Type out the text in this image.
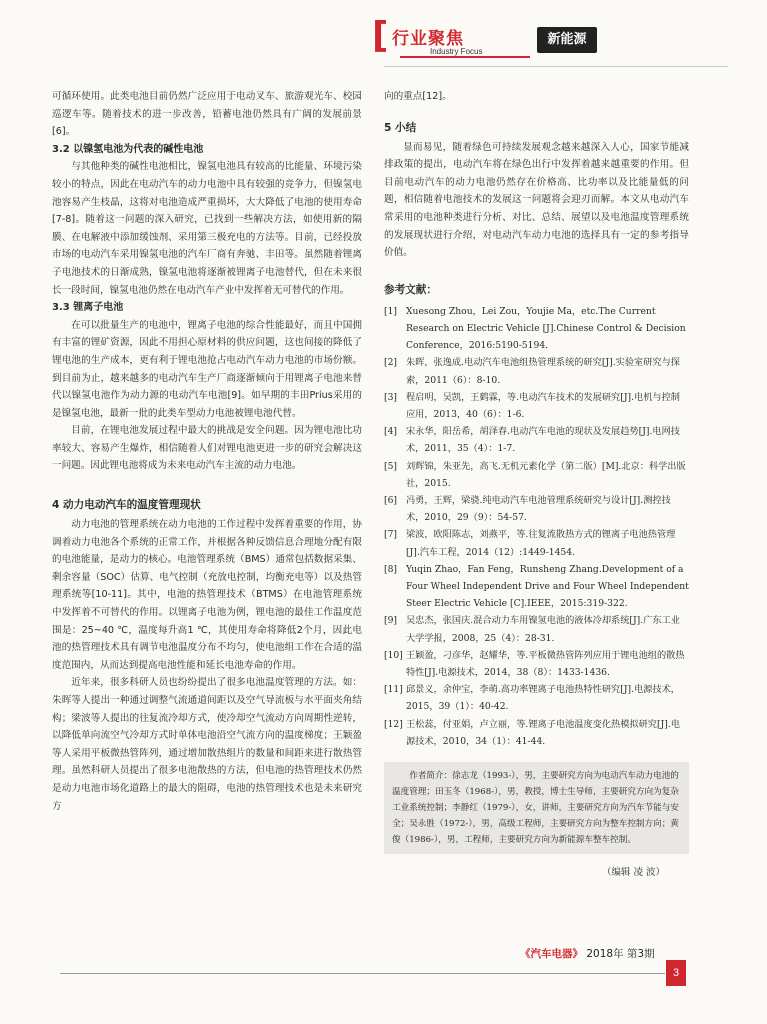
[ 行业聚焦
Industry Focus
新能源

可循环使用。此类电池目前仍然广泛应用于电动叉车、旅游观光车、校园巡逻车等。随着技术的进一步改善，铅蓄电池仍然具有广阔的发展前景[6]。

3.2 以镍氢电池为代表的碱性电池

与其他种类的碱性电池相比，镍氢电池具有较高的比能量、环境污染较小的特点，因此在电动汽车的动力电池中具有较强的竞争力，但镍氢电池容易产生枝晶，这将对电池造成严重损坏，大大降低了电池的使用寿命[7-8]。随着这一问题的深入研究，已找到一些解决方法，如使用新的隔膜、在电解液中添加缓蚀剂、采用第三极充电的方法等。目前，已经投放市场的电动汽车采用镍氢电池的汽车厂商有奔驰、丰田等。虽然随着锂离子电池技术的日渐成熟，镍氢电池将逐渐被锂离子电池替代，但在未来很长一段时间，镍氢电池仍然在电动汽车产业中发挥着无可替代的作用。

3.3 锂离子电池

在可以批量生产的电池中，锂离子电池的综合性能最好，而且中国拥有丰富的锂矿资源，因此不用担心原材料的供应问题，这也间接的降低了锂电池的生产成本，更有利于锂电池抢占电动汽车动力电池的市场份额。到目前为止，越来越多的电动汽车生产厂商逐渐倾向于用锂离子电池来替代以镍氢电池作为动力源的电动汽车电池[9]。如早期的丰田Prius采用的是镍氢电池，最新一批的此类车型动力电池被锂电池代替。

目前，在锂电池发展过程中最大的挑战是安全问题。因为锂电池比功率较大、容易产生爆炸，相信随着人们对锂电池更进一步的研究会解决这一问题。因此锂电池将成为未来电动汽车主流的动力电池。

4 动力电动汽车的温度管理现状

动力电池的管理系统在动力电池的工作过程中发挥着重要的作用，协调着动力电池各个系统的正常工作，并根据各种反馈信息合理地分配有限的电池能量，是动力的核心。电池管理系统（BMS）通常包括数据采集、剩余容量（SOC）估算、电气控制（充放电控制，均衡充电等）以及热管理系统等[10-11]。其中，电池的热管理技术（BTMS）在电池管理系统中发挥着不可替代的作用。以锂离子电池为例，锂电池的最佳工作温度范围是：25~40 ℃，温度每升高1 ℃，其使用寿命将降低2个月，因此电池的热管理技术具有调节电池温度分布不均匀，使电池组工作在合适的温度范围内，从而达到提高电池性能和延长电池寿命的作用。

近年来，很多科研人员也纷纷提出了很多电池温度管理的方法。如：朱晖等人提出一种通过调整气流通道间距以及空气导流板与水平面夹角结构；梁波等人提出的往复流冷却方式，使冷却空气流动方向周期性逆转，以降低单向流空气冷却方式时单体电池沿空气流方向的温度梯度；王颖盈等人采用平板微热管阵列，通过增加散热组片的数量和间距来进行散热管理。虽然科研人员提出了很多电池散热的方法，但电池的热管理技术仍然是动力电池市场化道路上的最大的阻碍，电池的热管理技术也是未来研究方

向的重点[12]。

5 小结

显而易见，随着绿色可持续发展观念越来越深入人心，国家节能减排政策的提出，电动汽车将在绿色出行中发挥着越来越重要的作用。但目前电动汽车的动力电池仍然存在价格高、比功率以及比能量低的问题，相信随着电池技术的发展这一问题将会迎刃而解。本文从电动汽车常采用的电池种类进行分析、对比、总结、展望以及电池温度管理系统的发展现状进行介绍，对电动汽车动力电池的选择具有一定的参考指导价值。

参考文献：
[1] Xuesong Zhou，Lei Zou，Youjie Ma，etc.The Current Research on Electric Vehicle [J].Chinese Control & Decision Conference，2016:5190-5194.
[2] 朱晖，张逸成.电动汽车电池组热管理系统的研究[J].实验室研究与探索，2011（6）：8-10.
[3] 程启明，吴凯，王鹤霖，等.电动汽车技术的发展研究[J].电机与控制应用，2013，40（6）：1-6.
[4] 宋永华，阳岳希，胡泽春.电动汽车电池的现状及发展趋势[J].电网技术，2011，35（4）：1-7.
[5] 刘辉锦，朱亚先，高飞.无机元素化学（第二版）[M].北京：科学出版社，2015.
[6] 冯勇，王辉，梁骁.纯电动汽车电池管理系统研究与设计[J].测控技术，2010，29（9）：54-57.
[7] 梁波，欧阳陈志，刘燕平，等.往复流散热方式的锂离子电池热管理[J].汽车工程，2014（12）:1449-1454.
[8] Yuqin Zhao，Fan Feng，Runsheng Zhang.Development of a Four Wheel Independent Drive and Four Wheel Independent Steer Electric Vehicle [C].IEEE，2015:319-322.
[9] 吴忠杰，张国庆.混合动力车用镍氢电池的液体冷却系统[J].广东工业大学学报，2008，25（4）：28-31.
[10] 王颖盈，刁彦华，赵耀华，等.平板微热管阵列应用于锂电池组的散热特性[J].电源技术，2014，38（8）：1433-1436.
[11] 邱景义，余仲宝，李萌.高功率锂离子电池热特性研究[J].电源技术，2015，39（1）：40-42.
[12] 王松蕊，付亚娟，卢立丽，等.锂离子电池温度变化热模拟研究[J].电源技术，2010，34（1）：41-44.
作者简介：徐志龙（1993-），男，主要研究方向为电动汽车动力电池的温度管理；田玉冬（1968-），男，教授，博士生导师，主要研究方向为复杂工业系统控制；李静红（1979-），女，讲师，主要研究方向为汽车节能与安全；吴永胜（1972-），男，高级工程师，主要研究方向为整车控制方向；黄俊（1986-），男，工程师，主要研究方向为新能源车整车控制。
（编辑 凌 波）
《汽车电器》 2018年 第3期
3
